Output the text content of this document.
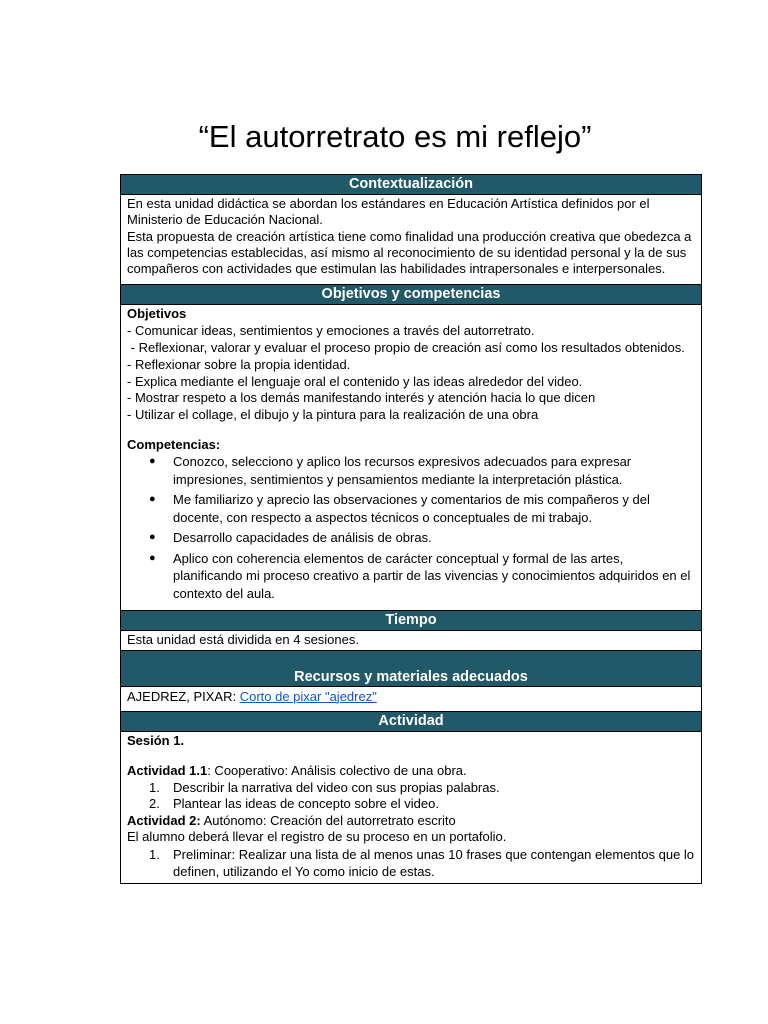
“El autorretrato es mi reflejo”
Contextualización

En esta unidad didáctica se abordan los estándares en Educación Artística definidos por el Ministerio de Educación Nacional.

Esta propuesta de creación artística tiene como finalidad una producción creativa que obedezca a las competencias establecidas, así mismo al reconocimiento de su identidad personal y la de sus compañeros con actividades que estimulan las habilidades intrapersonales e interpersonales.

Objetivos y competencias

Objetivos

- Comunicar ideas, sentimientos y emociones a través del autorretrato.

- Reflexionar, valorar y evaluar el proceso propio de creación así como los resultados obtenidos.

- Reflexionar sobre la propia identidad.

- Explica mediante el lenguaje oral el contenido y las ideas alrededor del video.

- Mostrar respeto a los demás manifestando interés y atención hacia lo que dicen

- Utilizar el collage, el dibujo y la pintura para la realización de una obra

Competencias:

● Conozco, selecciono y aplico los recursos expresivos adecuados para expresar impresiones, sentimientos y pensamientos mediante la interpretación plástica.
● Me familiarizo y aprecio las observaciones y comentarios de mis compañeros y del docente, con respecto a aspectos técnicos o conceptuales de mi trabajo.
● Desarrollo capacidades de análisis de obras.
● Aplico con coherencia elementos de carácter conceptual y formal de las artes, planificando mi proceso creativo a partir de las vivencias y conocimientos adquiridos en el contexto del aula.
Tiempo

Esta unidad está dividida en 4 sesiones.

Recursos y materiales adecuados
AJEDREZ, PIXAR: Corto de pixar "ajedrez"
Actividad

Sesión 1.

Actividad 1.1: Cooperativo: Análisis colectivo de una obra.

1. Describir la narrativa del video con sus propias palabras.
2. Plantear las ideas de concepto sobre el video.

Actividad 2: Autónomo: Creación del autorretrato escrito

El alumno deberá llevar el registro de su proceso en un portafolio.

1. Preliminar: Realizar una lista de al menos unas 10 frases que contengan elementos que lo definen, utilizando el Yo como inicio de estas.
